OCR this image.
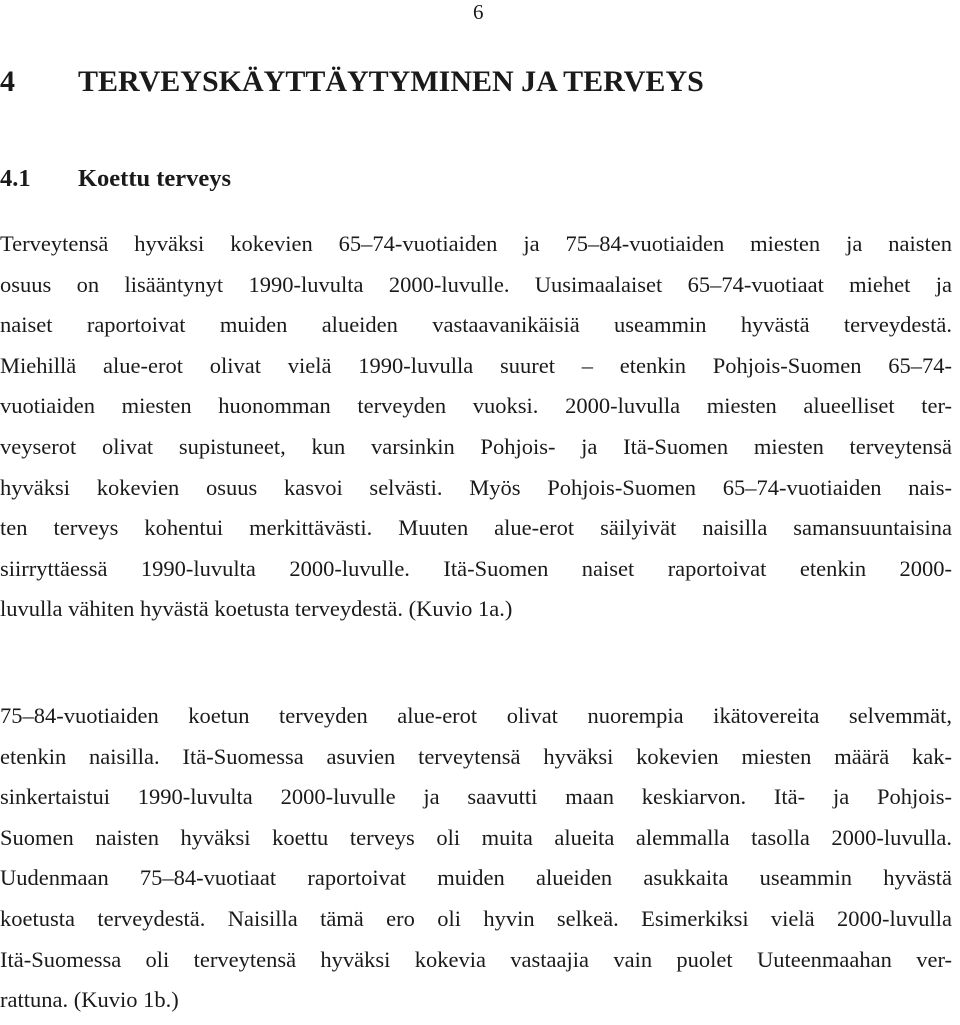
6
4 TERVEYSKÄYTTÄYTYMINEN JA TERVEYS
4.1 Koettu terveys
Terveytensä hyväksi kokevien 65–74-vuotiaiden ja 75–84-vuotiaiden miesten ja naisten
osuus on lisääntynyt 1990-luvulta 2000-luvulle. Uusimaalaiset 65–74-vuotiaat miehet ja
naiset raportoivat muiden alueiden vastaavanikäisiä useammin hyvästä terveydestä.
Miehillä alue-erot olivat vielä 1990-luvulla suuret – etenkin Pohjois-Suomen 65–74-
vuotiaiden miesten huonomman terveyden vuoksi. 2000-luvulla miesten alueelliset ter-
veyserot olivat supistuneet, kun varsinkin Pohjois- ja Itä-Suomen miesten terveytensä
hyväksi kokevien osuus kasvoi selvästi. Myös Pohjois-Suomen 65–74-vuotiaiden nais-
ten terveys kohentui merkittävästi. Muuten alue-erot säilyivät naisilla samansuuntaisina
siirryttäessä 1990-luvulta 2000-luvulle. Itä-Suomen naiset raportoivat etenkin 2000-
luvulla vähiten hyvästä koetusta terveydestä. (Kuvio 1a.)
75–84-vuotiaiden koetun terveyden alue-erot olivat nuorempia ikätovereita selvemmät,
etenkin naisilla. Itä-Suomessa asuvien terveytensä hyväksi kokevien miesten määrä kak-
sinkertaistui 1990-luvulta 2000-luvulle ja saavutti maan keskiarvon. Itä- ja Pohjois-
Suomen naisten hyväksi koettu terveys oli muita alueita alemmalla tasolla 2000-luvulla.
Uudenmaan 75–84-vuotiaat raportoivat muiden alueiden asukkaita useammin hyvästä
koetusta terveydestä. Naisilla tämä ero oli hyvin selkeä. Esimerkiksi vielä 2000-luvulla
Itä-Suomessa oli terveytensä hyväksi kokevia vastaajia vain puolet Uuteenmaahan ver-
rattuna. (Kuvio 1b.)
